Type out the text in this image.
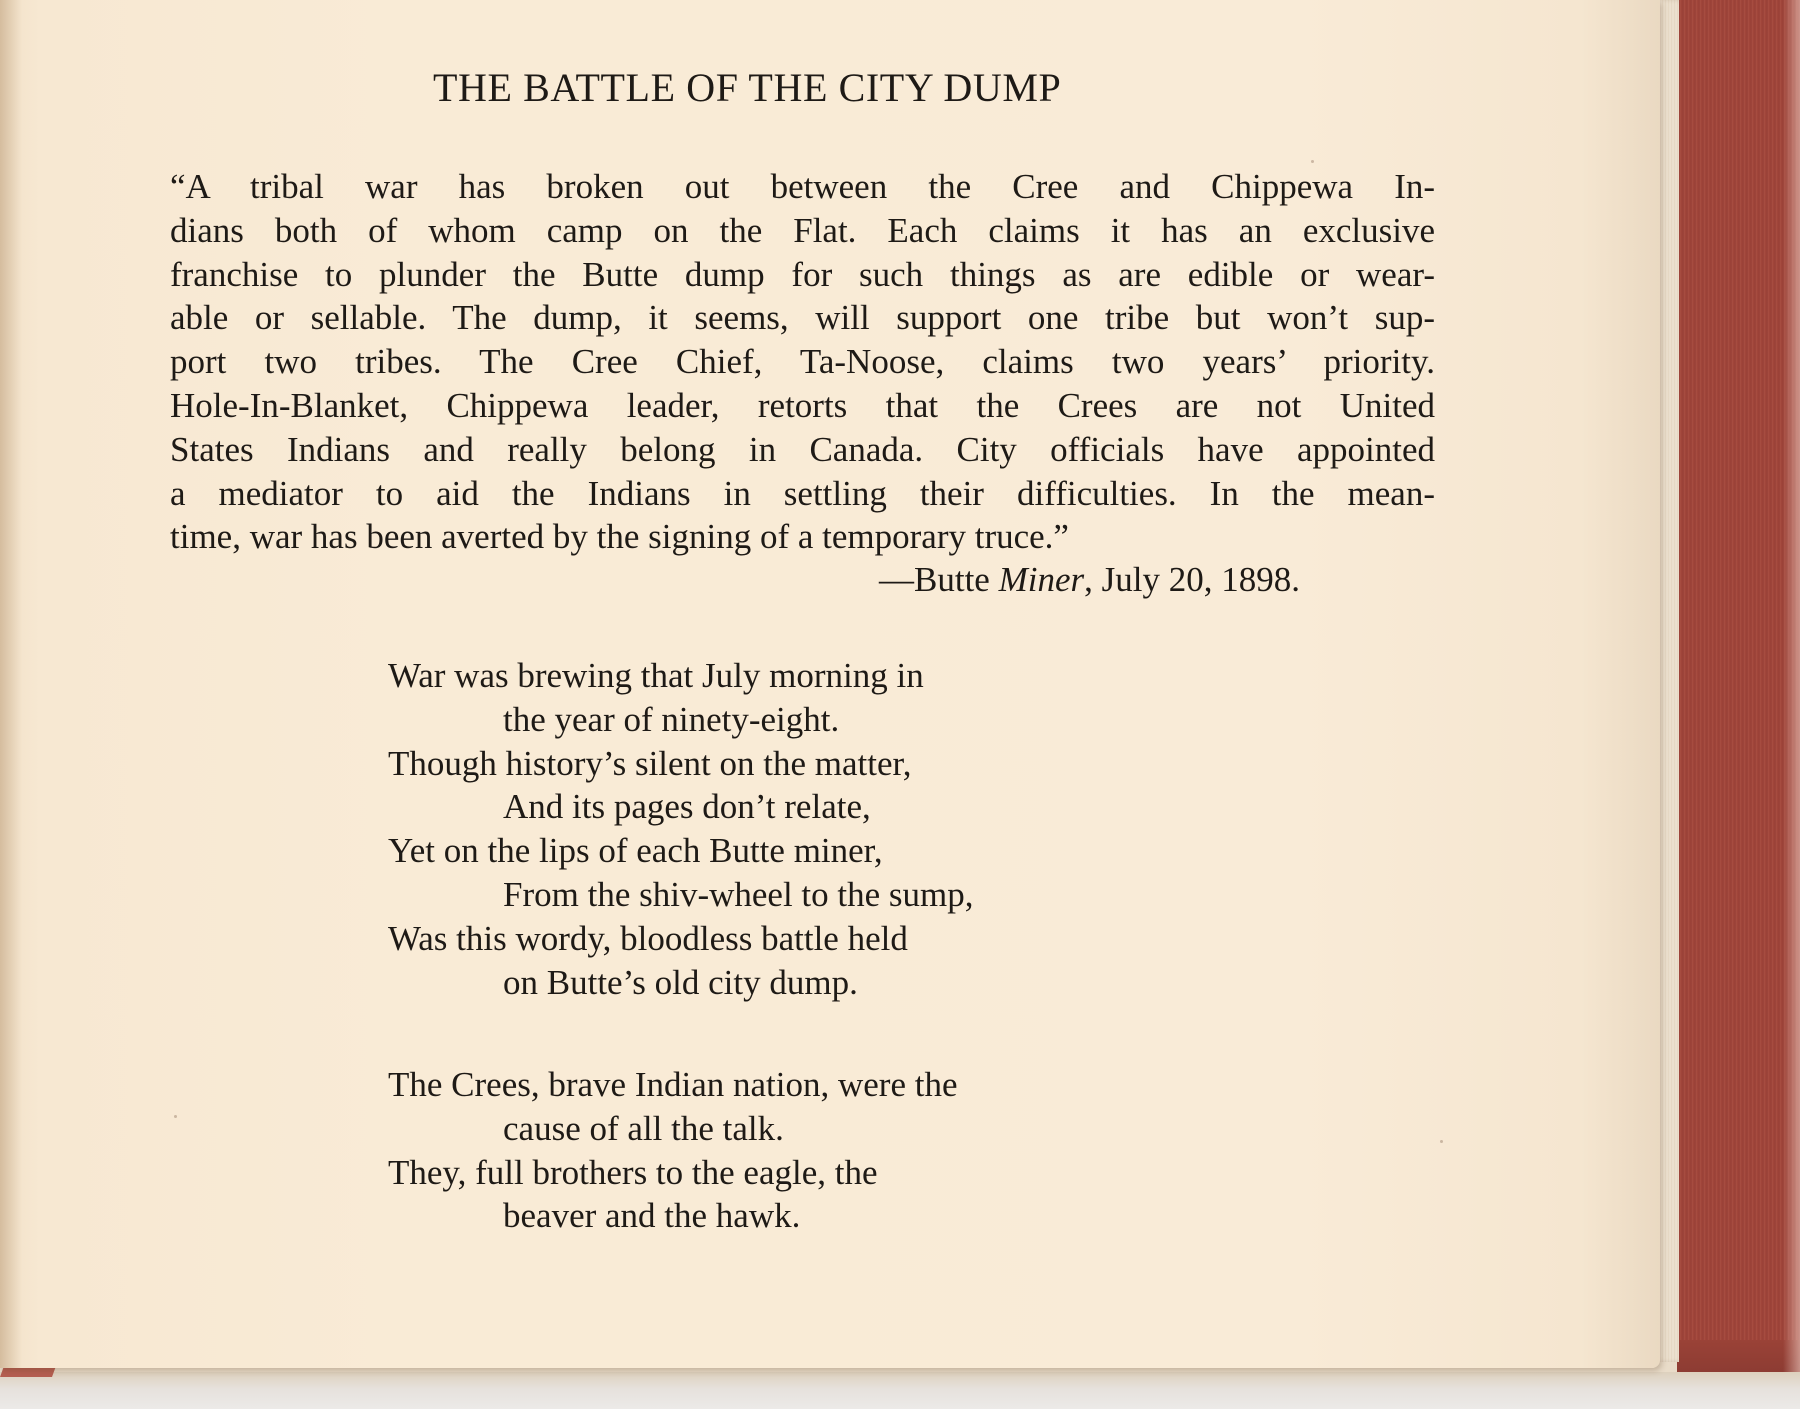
THE BATTLE OF THE CITY DUMP
“A tribal war has broken out between the Cree and Chippewa In-
dians both of whom camp on the Flat. Each claims it has an exclusive
franchise to plunder the Butte dump for such things as are edible or wear-
able or sellable. The dump, it seems, will support one tribe but won’t sup-
port two tribes. The Cree Chief, Ta-Noose, claims two years’ priority.
Hole-In-Blanket, Chippewa leader, retorts that the Crees are not United
States Indians and really belong in Canada. City officials have appointed
a mediator to aid the Indians in settling their difficulties. In the mean-
time, war has been averted by the signing of a temporary truce.”
—Butte Miner, July 20, 1898.
War was brewing that July morning in
the year of ninety-eight.
Though history’s silent on the matter,
And its pages don’t relate,
Yet on the lips of each Butte miner,
From the shiv-wheel to the sump,
Was this wordy, bloodless battle held
on Butte’s old city dump.
The Crees, brave Indian nation, were the
cause of all the talk.
They, full brothers to the eagle, the
beaver and the hawk.
